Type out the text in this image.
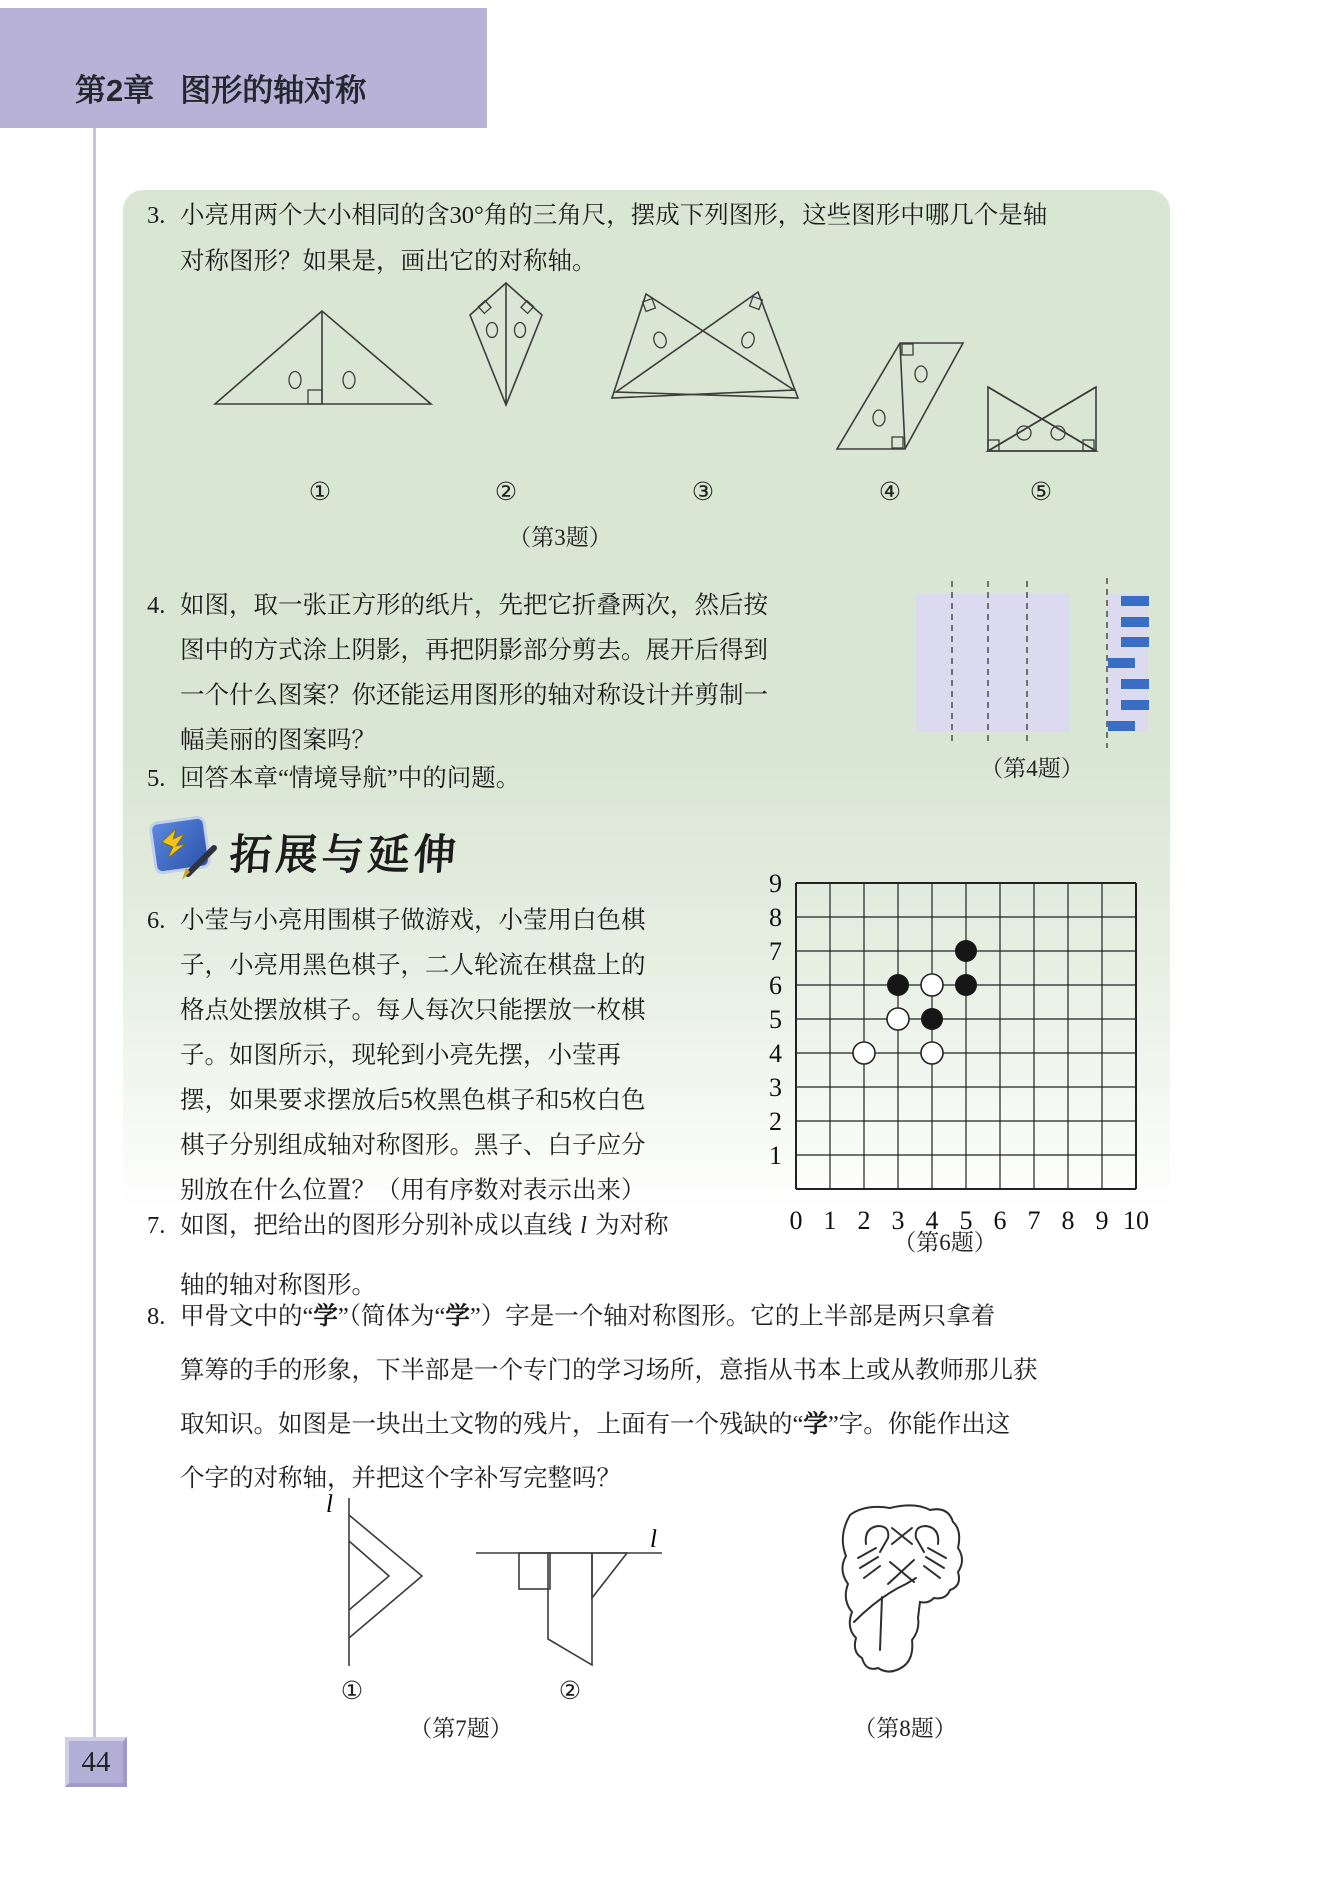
第2章 图形的轴对称
44
3. 小亮用两个大小相同的含30°角的三角尺，摆成下列图形，这些图形中哪几个是轴
对称图形？如果是，画出它的对称轴。
①	②	③	④	⑤
（第3题）
4. 如图，取一张正方形的纸片，先把它折叠两次，然后按
图中的方式涂上阴影，再把阴影部分剪去。展开后得到
一个什么图案？你还能运用图形的轴对称设计并剪制一
幅美丽的图案吗？
（第4题）
5. 回答本章“情境导航”中的问题。
拓展与延伸
6. 小莹与小亮用围棋子做游戏，小莹用白色棋
子，小亮用黑色棋子，二人轮流在棋盘上的
格点处摆放棋子。每人每次只能摆放一枚棋
子。如图所示，现轮到小亮先摆，小莹再
摆，如果要求摆放后5枚黑色棋子和5枚白色
棋子分别组成轴对称图形。黑子、白子应分
别放在什么位置？（用有序数对表示出来）
9
8
7
6
5
4
3
2
1
0 1 2 3 4 5 6 7 8 9 10
（第6题）
7. 如图，把给出的图形分别补成以直线 l 为对称
轴的轴对称图形。
8. 甲骨文中的“学”（简体为“学”）字是一个轴对称图形。它的上半部是两只拿着
算筹的手的形象，下半部是一个专门的学习场所，意指从书本上或从教师那儿获
取知识。如图是一块出土文物的残片，上面有一个残缺的“学”字。你能作出这
个字的对称轴，并把这个字补写完整吗？
l
①
l
②
（第7题）	（第8题）
